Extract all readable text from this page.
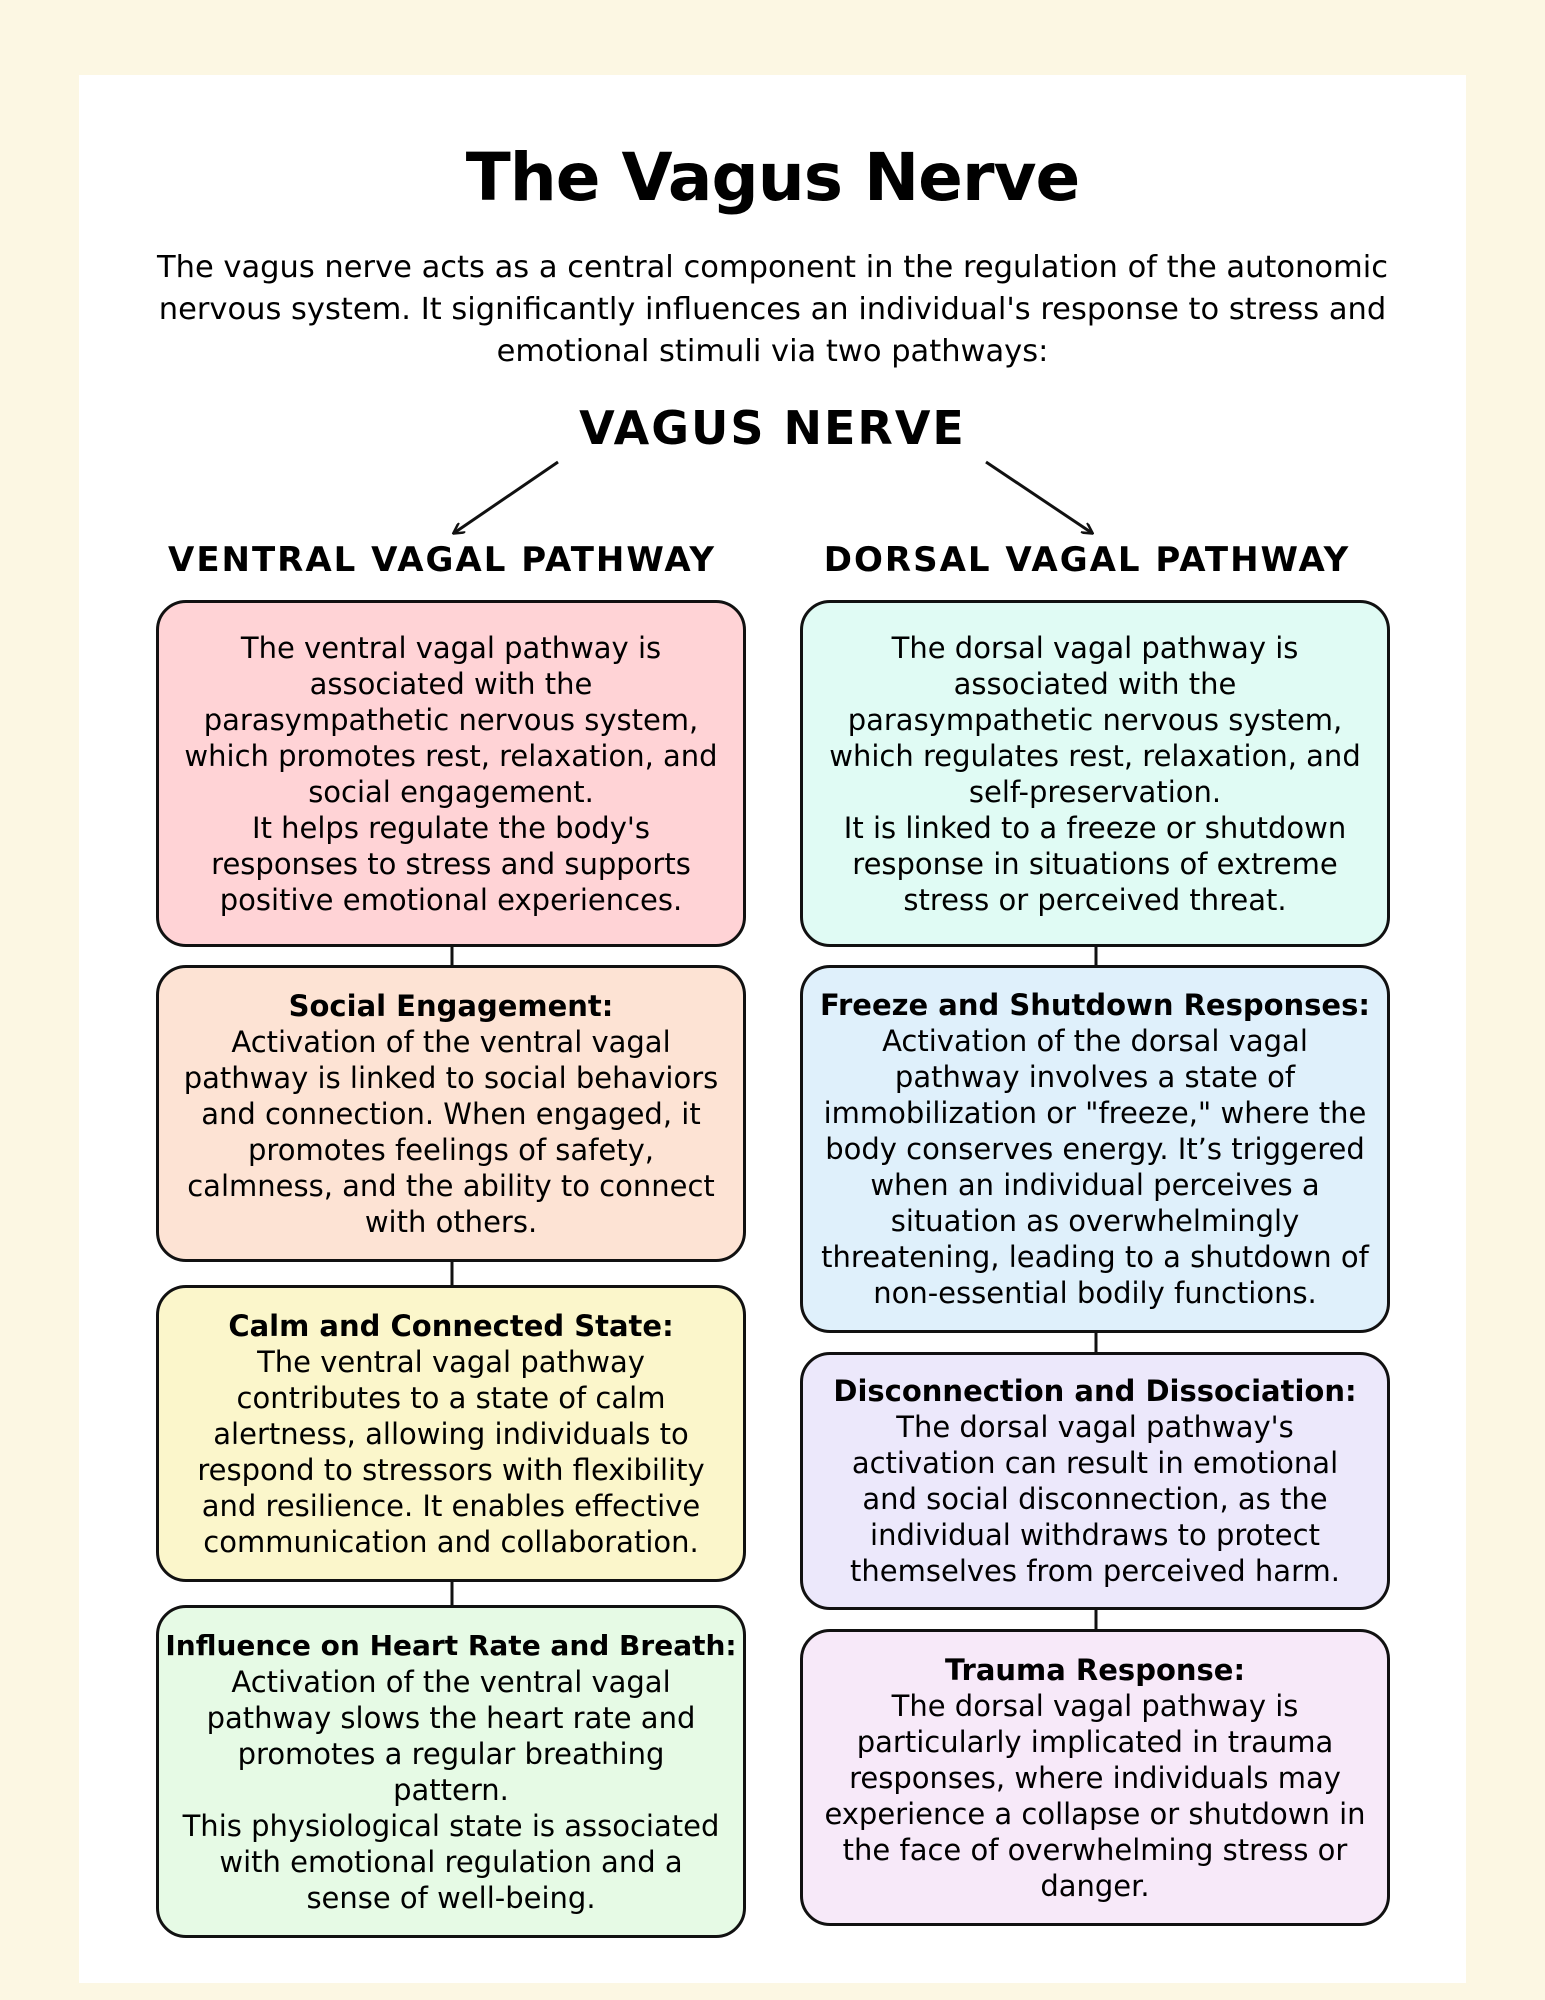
The Vagus Nerve
The vagus nerve acts as a central component in the regulation of the autonomic
nervous system. It significantly influences an individual's response to stress and
emotional stimuli via two pathways:
VAGUS NERVE
VENTRAL VAGAL PATHWAY	DORSAL VAGAL PATHWAY
The ventral vagal pathway is
associated with the
parasympathetic nervous system,
which promotes rest, relaxation, and
social engagement.
It helps regulate the body's
responses to stress and supports
positive emotional experiences.
Social Engagement:
Activation of the ventral vagal
pathway is linked to social behaviors
and connection. When engaged, it
promotes feelings of safety,
calmness, and the ability to connect
with others.
Calm and Connected State:
The ventral vagal pathway
contributes to a state of calm
alertness, allowing individuals to
respond to stressors with flexibility
and resilience. It enables effective
communication and collaboration.
Influence on Heart Rate and Breath:
Activation of the ventral vagal
pathway slows the heart rate and
promotes a regular breathing
pattern.
This physiological state is associated
with emotional regulation and a
sense of well-being.
The dorsal vagal pathway is
associated with the
parasympathetic nervous system,
which regulates rest, relaxation, and
self-preservation.
It is linked to a freeze or shutdown
response in situations of extreme
stress or perceived threat.
Freeze and Shutdown Responses:
Activation of the dorsal vagal
pathway involves a state of
immobilization or "freeze," where the
body conserves energy. It’s triggered
when an individual perceives a
situation as overwhelmingly
threatening, leading to a shutdown of
non-essential bodily functions.
Disconnection and Dissociation:
The dorsal vagal pathway's
activation can result in emotional
and social disconnection, as the
individual withdraws to protect
themselves from perceived harm.
Trauma Response:
The dorsal vagal pathway is
particularly implicated in trauma
responses, where individuals may
experience a collapse or shutdown in
the face of overwhelming stress or
danger.
